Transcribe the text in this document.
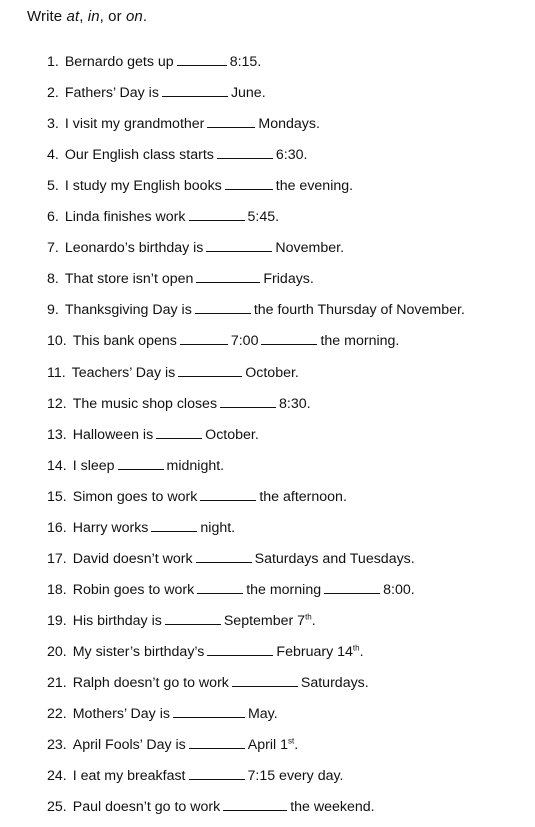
Write at, in, or on.
1. Bernardo gets up	8:15.
2. Fathers’ Day is	June.
3. I visit my grandmother	Mondays.
4. Our English class starts	6:30.
5. I study my English books	the evening.
6. Linda finishes work	5:45.
7. Leonardo’s birthday is	November.
8. That store isn’t open	Fridays.
9. Thanksgiving Day is	the fourth Thursday of November.
10. This bank opens	7:00	the morning.
11. Teachers’ Day is	October.
12. The music shop closes	8:30.
13. Halloween is	October.
14. I sleep	midnight.
15. Simon goes to work	the afternoon.
16. Harry works	night.
17. David doesn’t work	Saturdays and Tuesdays.
18. Robin goes to work	the morning	8:00.
19. His birthday is	September 7th.
20. My sister’s birthday’s	February 14th.
21. Ralph doesn’t go to work	Saturdays.
22. Mothers’ Day is	May.
23. April Fools’ Day is	April 1st.
24. I eat my breakfast	7:15 every day.
25. Paul doesn’t go to work	the weekend.
